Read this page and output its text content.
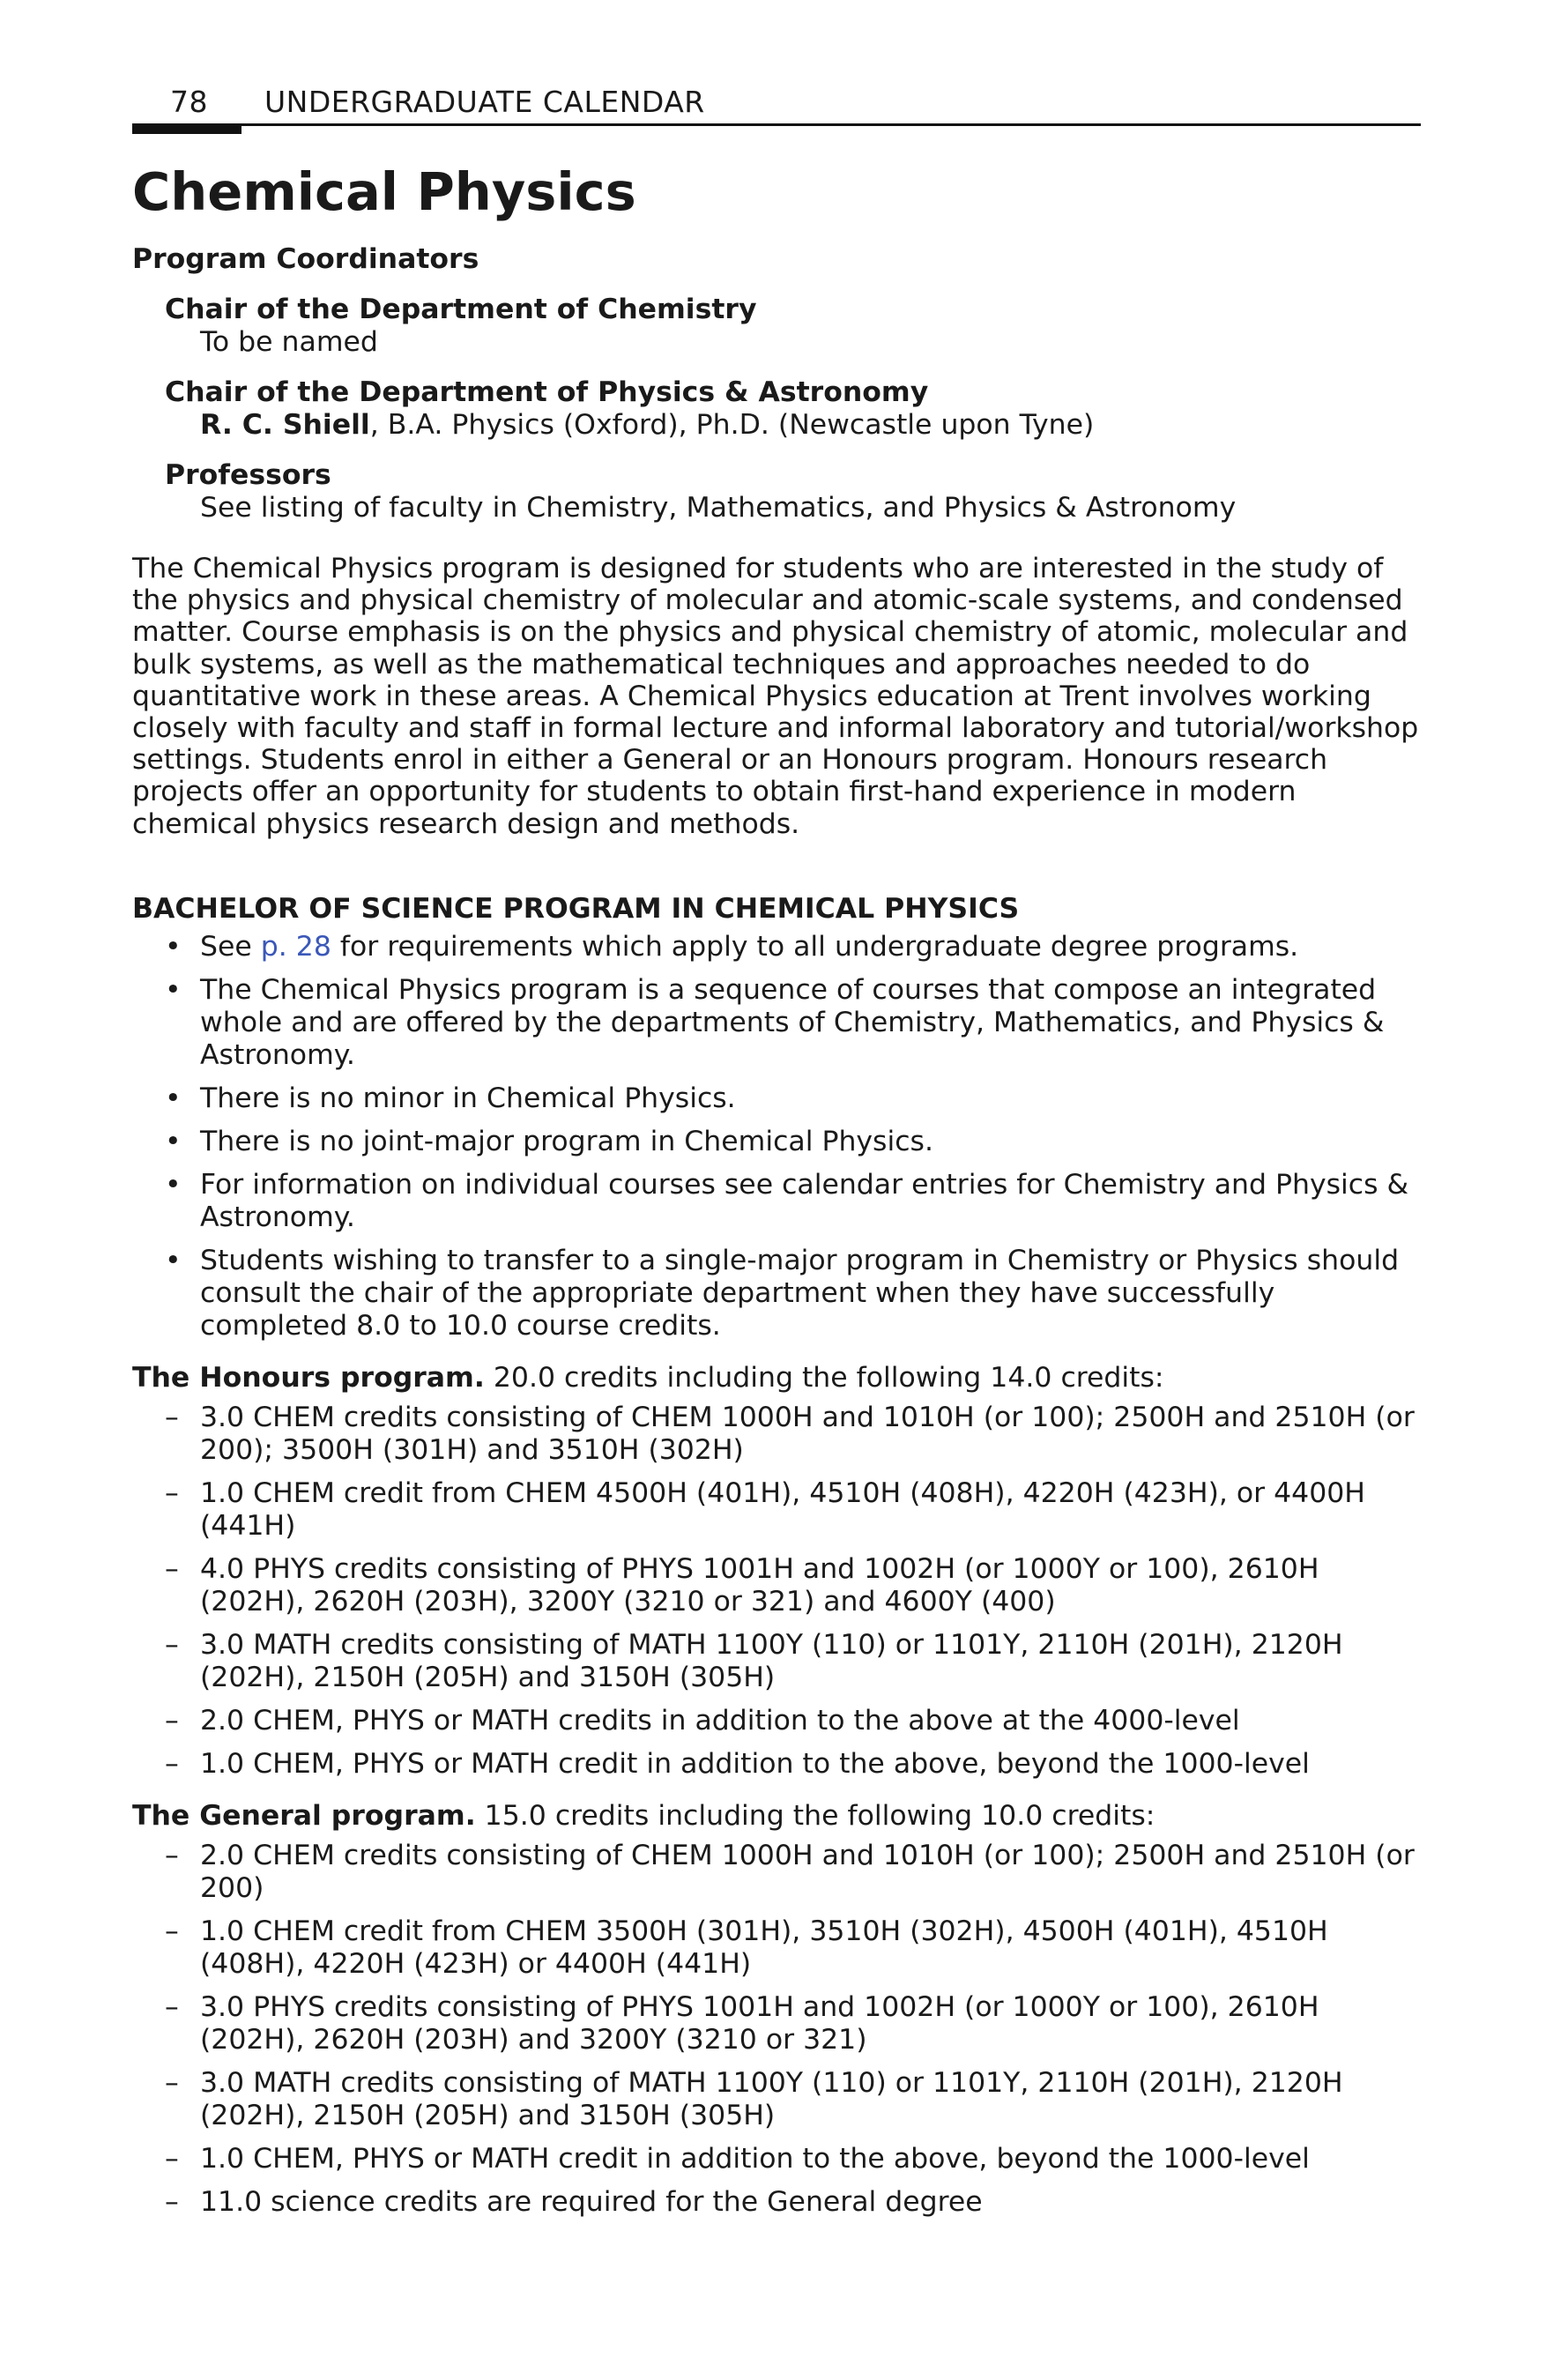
78 UNDERGRADUATE CALENDAR
Chemical Physics
Program Coordinators
Chair of the Department of Chemistry
To be named
Chair of the Department of Physics & Astronomy
R. C. Shiell, B.A. Physics (Oxford), Ph.D. (Newcastle upon Tyne)
Professors
See listing of faculty in Chemistry, Mathematics, and Physics & Astronomy

The Chemical Physics program is designed for students who are interested in the study of the physics and physical chemistry of molecular and atomic-scale systems, and condensed matter. Course emphasis is on the physics and physical chemistry of atomic, molecular and bulk systems, as well as the mathematical techniques and approaches needed to do quantitative work in these areas. A Chemical Physics education at Trent involves working closely with faculty and staff in formal lecture and informal laboratory and tutorial/workshop settings. Students enrol in either a General or an Honours program. Honours research projects offer an opportunity for students to obtain first-hand experience in modern chemical physics research design and methods.

BACHELOR OF SCIENCE PROGRAM IN CHEMICAL PHYSICS
• See p. 28 for requirements which apply to all undergraduate degree programs.
• The Chemical Physics program is a sequence of courses that compose an integrated whole and are offered by the departments of Chemistry, Mathematics, and Physics & Astronomy.
• There is no minor in Chemical Physics.
• There is no joint-major program in Chemical Physics.
• For information on individual courses see calendar entries for Chemistry and Physics & Astronomy.
• Students wishing to transfer to a single-major program in Chemistry or Physics should consult the chair of the appropriate department when they have successfully completed 8.0 to 10.0 course credits.
The Honours program. 20.0 credits including the following 14.0 credits:
– 3.0 CHEM credits consisting of CHEM 1000H and 1010H (or 100); 2500H and 2510H (or 200); 3500H (301H) and 3510H (302H)
– 1.0 CHEM credit from CHEM 4500H (401H), 4510H (408H), 4220H (423H), or 4400H (441H)
– 4.0 PHYS credits consisting of PHYS 1001H and 1002H (or 1000Y or 100), 2610H (202H), 2620H (203H), 3200Y (3210 or 321) and 4600Y (400)
– 3.0 MATH credits consisting of MATH 1100Y (110) or 1101Y, 2110H (201H), 2120H (202H), 2150H (205H) and 3150H (305H)
– 2.0 CHEM, PHYS or MATH credits in addition to the above at the 4000-level
– 1.0 CHEM, PHYS or MATH credit in addition to the above, beyond the 1000-level
The General program. 15.0 credits including the following 10.0 credits:
– 2.0 CHEM credits consisting of CHEM 1000H and 1010H (or 100); 2500H and 2510H (or 200)
– 1.0 CHEM credit from CHEM 3500H (301H), 3510H (302H), 4500H (401H), 4510H (408H), 4220H (423H) or 4400H (441H)
– 3.0 PHYS credits consisting of PHYS 1001H and 1002H (or 1000Y or 100), 2610H (202H), 2620H (203H) and 3200Y (3210 or 321)
– 3.0 MATH credits consisting of MATH 1100Y (110) or 1101Y, 2110H (201H), 2120H (202H), 2150H (205H) and 3150H (305H)
– 1.0 CHEM, PHYS or MATH credit in addition to the above, beyond the 1000-level
– 11.0 science credits are required for the General degree
